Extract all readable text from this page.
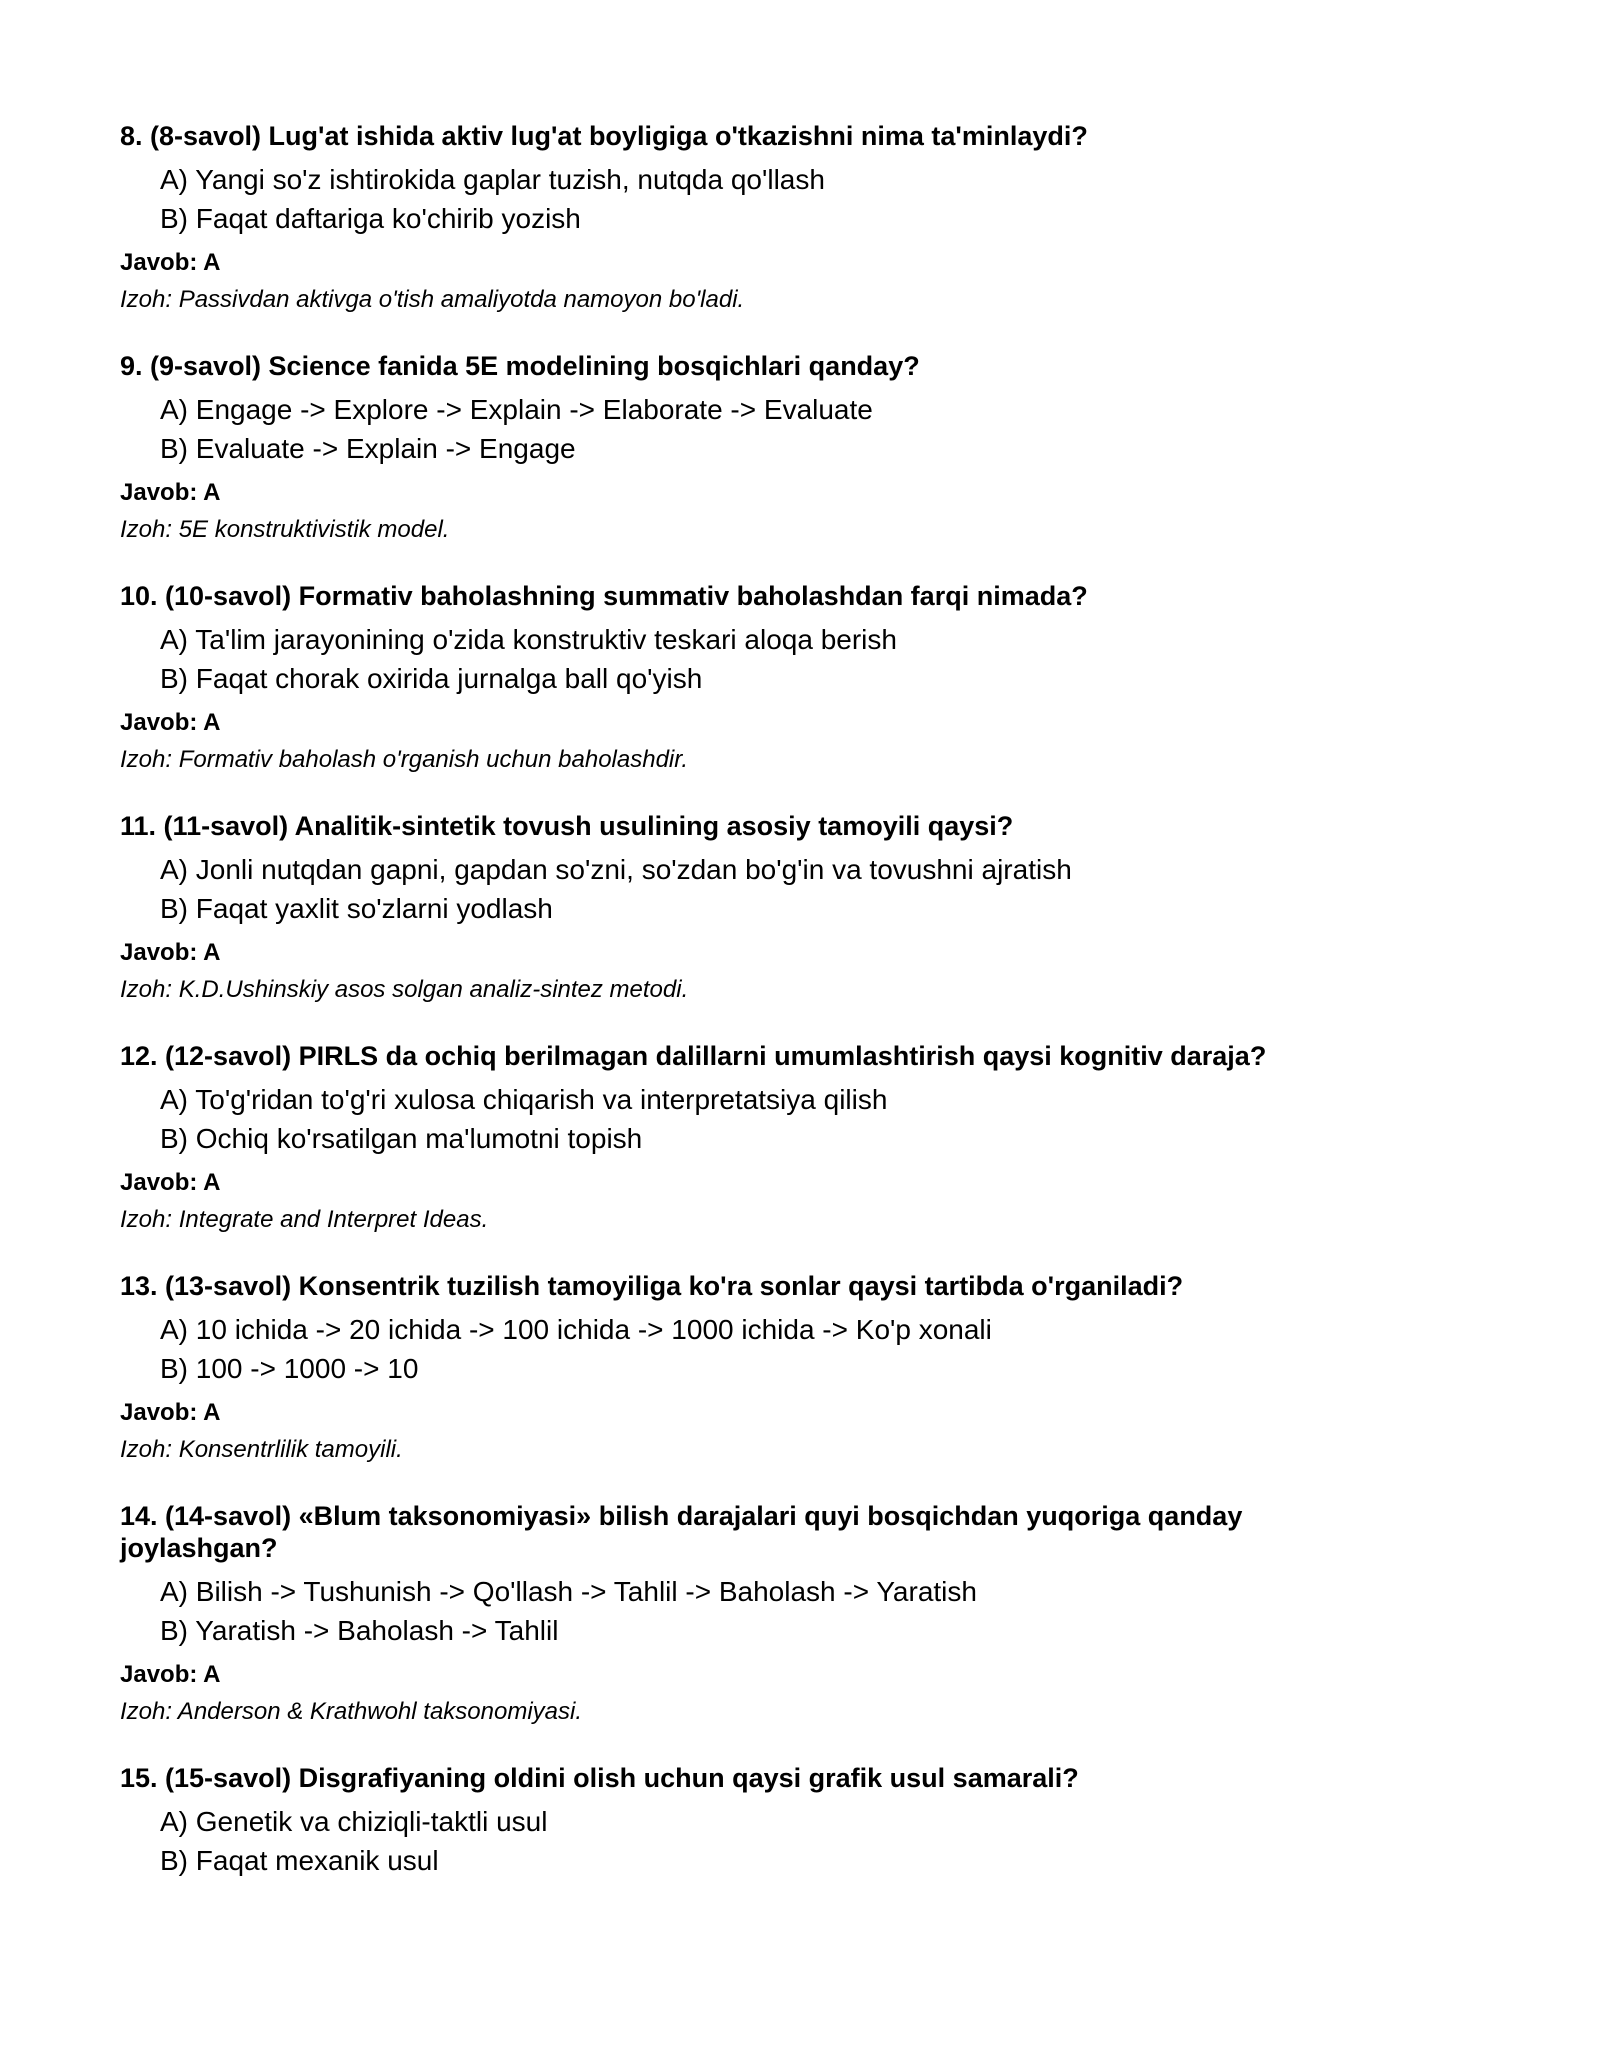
8. (8-savol) Lug'at ishida aktiv lug'at boyligiga o'tkazishni nima ta'minlaydi?
A) Yangi so'z ishtirokida gaplar tuzish, nutqda qo'llash
B) Faqat daftariga ko'chirib yozish
Javob: A
Izoh: Passivdan aktivga o'tish amaliyotda namoyon bo'ladi.
9. (9-savol) Science fanida 5E modelining bosqichlari qanday?
A) Engage -> Explore -> Explain -> Elaborate -> Evaluate
B) Evaluate -> Explain -> Engage
Javob: A
Izoh: 5E konstruktivistik model.
10. (10-savol) Formativ baholashning summativ baholashdan farqi nimada?
A) Ta'lim jarayonining o'zida konstruktiv teskari aloqa berish
B) Faqat chorak oxirida jurnalga ball qo'yish
Javob: A
Izoh: Formativ baholash o'rganish uchun baholashdir.
11. (11-savol) Analitik-sintetik tovush usulining asosiy tamoyili qaysi?
A) Jonli nutqdan gapni, gapdan so'zni, so'zdan bo'g'in va tovushni ajratish
B) Faqat yaxlit so'zlarni yodlash
Javob: A
Izoh: K.D.Ushinskiy asos solgan analiz-sintez metodi.
12. (12-savol) PIRLS da ochiq berilmagan dalillarni umumlashtirish qaysi kognitiv daraja?
A) To'g'ridan to'g'ri xulosa chiqarish va interpretatsiya qilish
B) Ochiq ko'rsatilgan ma'lumotni topish
Javob: A
Izoh: Integrate and Interpret Ideas.
13. (13-savol) Konsentrik tuzilish tamoyiliga ko'ra sonlar qaysi tartibda o'rganiladi?
A) 10 ichida -> 20 ichida -> 100 ichida -> 1000 ichida -> Ko'p xonali
B) 100 -> 1000 -> 10
Javob: A
Izoh: Konsentrlilik tamoyili.
14. (14-savol) «Blum taksonomiyasi» bilish darajalari quyi bosqichdan yuqoriga qanday joylashgan?
A) Bilish -> Tushunish -> Qo'llash -> Tahlil -> Baholash -> Yaratish
B) Yaratish -> Baholash -> Tahlil
Javob: A
Izoh: Anderson & Krathwohl taksonomiyasi.
15. (15-savol) Disgrafiyaning oldini olish uchun qaysi grafik usul samarali?
A) Genetik va chiziqli-taktli usul
B) Faqat mexanik usul
